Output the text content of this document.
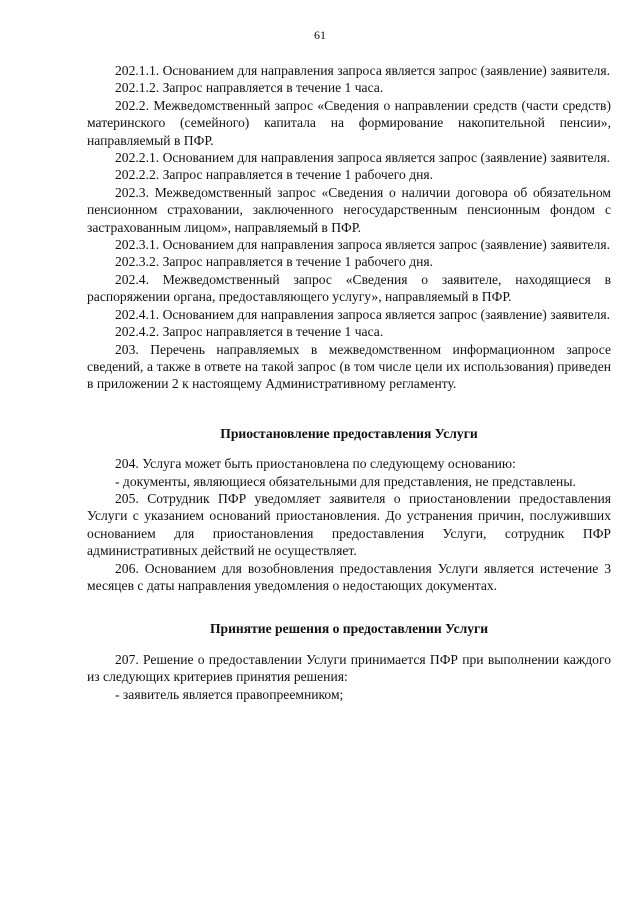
61

202.1.1. Основанием для направления запроса является запрос (заявление) заявителя.

202.1.2. Запрос направляется в течение 1 часа.

202.2. Межведомственный запрос «Сведения о направлении средств (части средств) материнского (семейного) капитала на формирование накопительной пенсии», направляемый в ПФР.

202.2.1. Основанием для направления запроса является запрос (заявление) заявителя.

202.2.2. Запрос направляется в течение 1 рабочего дня.

202.3. Межведомственный запрос «Сведения о наличии договора об обязательном пенсионном страховании, заключенного негосударственным пенсионным фондом с застрахованным лицом», направляемый в ПФР.

202.3.1. Основанием для направления запроса является запрос (заявление) заявителя.

202.3.2. Запрос направляется в течение 1 рабочего дня.

202.4. Межведомственный запрос «Сведения о заявителе, находящиеся в распоряжении органа, предоставляющего услугу», направляемый в ПФР.

202.4.1. Основанием для направления запроса является запрос (заявление) заявителя.

202.4.2. Запрос направляется в течение 1 часа.

203. Перечень направляемых в межведомственном информационном запросе сведений, а также в ответе на такой запрос (в том числе цели их использования) приведен в приложении 2 к настоящему Административному регламенту.

Приостановление предоставления Услуги

204. Услуга может быть приостановлена по следующему основанию:

- документы, являющиеся обязательными для представления, не представлены.

205. Сотрудник ПФР уведомляет заявителя о приостановлении предоставления Услуги с указанием оснований приостановления. До устранения причин, послуживших основанием для приостановления предоставления Услуги, сотрудник ПФР административных действий не осуществляет.

206. Основанием для возобновления предоставления Услуги является истечение 3 месяцев с даты направления уведомления о недостающих документах.

Принятие решения о предоставлении Услуги

207. Решение о предоставлении Услуги принимается ПФР при выполнении каждого из следующих критериев принятия решения:

- заявитель является правопреемником;
